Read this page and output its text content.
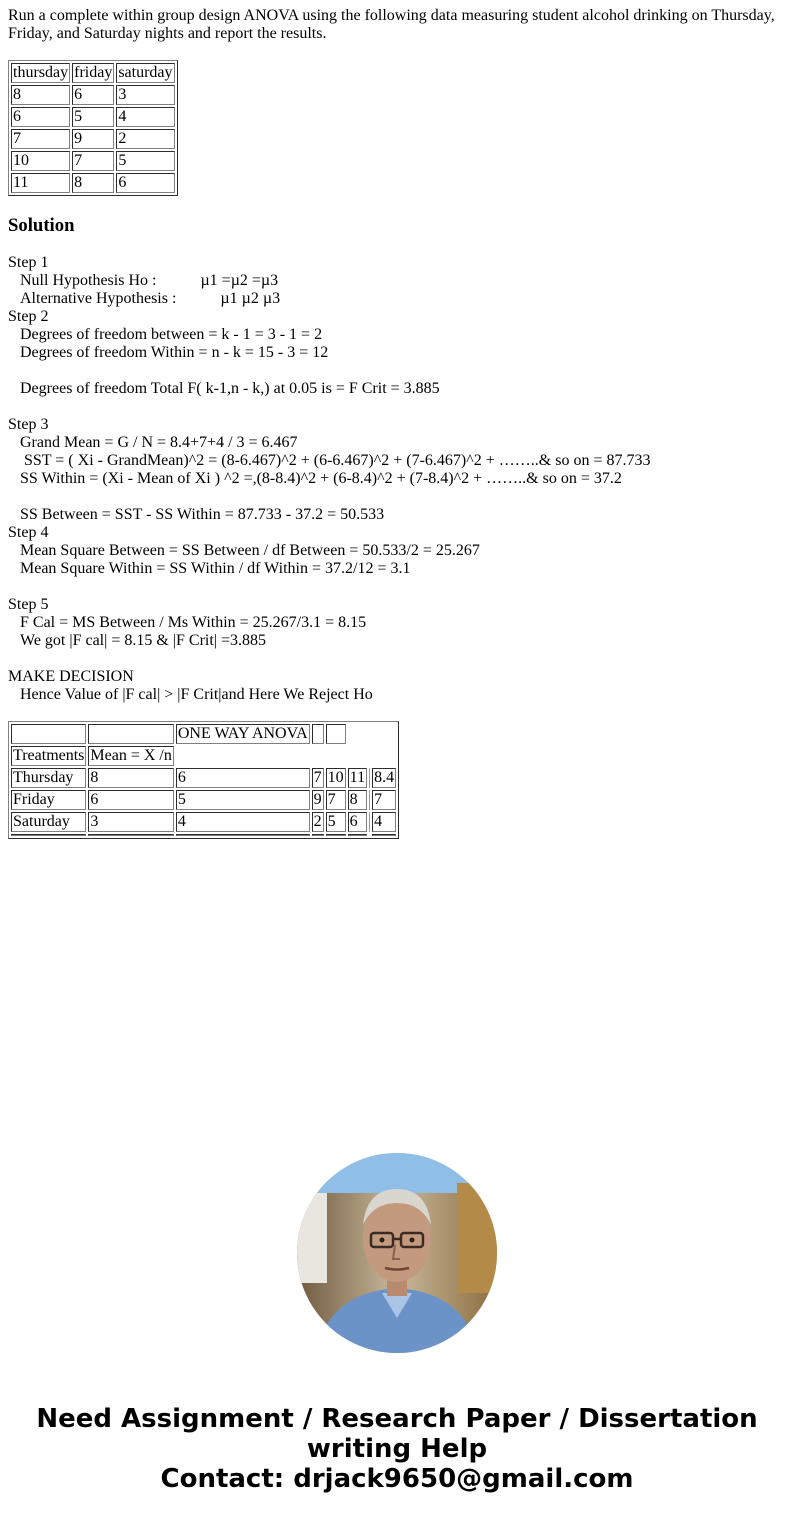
Run a complete within group design ANOVA using the following data measuring student alcohol drinking on Thursday, Friday, and Saturday nights and report the results.

thursday	friday	saturday
8	6	3
6	5	4
7	9	2
10	7	5
11	8	6
Solution

Step 1

Null Hypothesis Ho :           µ1 =µ2 =µ3

Alternative Hypothesis :           µ1 µ2 µ3

Step 2

Degrees of freedom between = k - 1 = 3 - 1 = 2

Degrees of freedom Within = n - k = 15 - 3 = 12

Degrees of freedom Total F( k-1,n - k,) at 0.05 is = F Crit = 3.885

Step 3

Grand Mean = G / N = 8.4+7+4 / 3 = 6.467

SST = ( Xi - GrandMean)^2 = (8-6.467)^2 + (6-6.467)^2 + (7-6.467)^2 + ……..& so on = 87.733

SS Within = (Xi - Mean of Xi ) ^2 =,(8-8.4)^2 + (6-8.4)^2 + (7-8.4)^2 + ……..& so on = 37.2

SS Between = SST - SS Within = 87.733 - 37.2 = 50.533

Step 4

Mean Square Between = SS Between / df Between = 50.533/2 = 25.267

Mean Square Within = SS Within / df Within = 37.2/12 = 3.1

Step 5

F Cal = MS Between / Ms Within = 25.267/3.1 = 8.15

We got |F cal| = 8.15 & |F Crit| =3.885

MAKE DECISION

Hence Value of |F cal| > |F Crit|and Here We Reject Ho

		ONE WAY ANOVA					
Treatments	Mean = X /n						
Thursday	8	6	7	10	11		8.4
Friday	6	5	9	7	8		7
Saturday	3	4	2	5	6		4

Need Assignment / Research Paper / Dissertation
writing Help
Contact: drjack9650@gmail.com
